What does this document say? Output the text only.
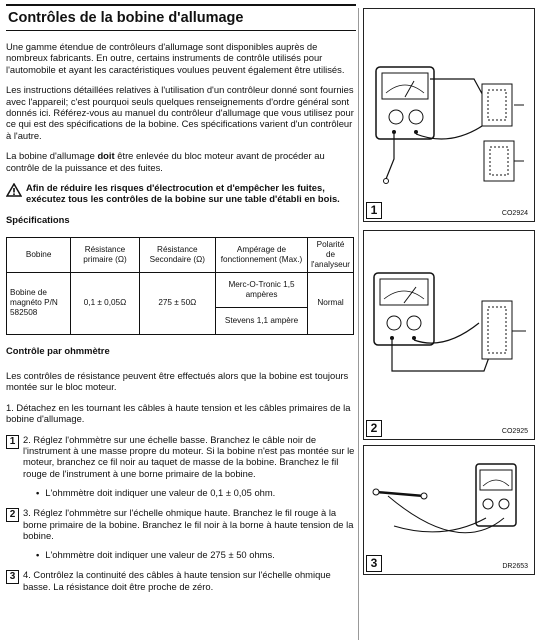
Contrôles de la bobine d'allumage

Une gamme étendue de contrôleurs d'allumage sont disponibles auprès de nombreux fabricants. En outre, certains instruments de contrôle utilisés pour l'automobile et ayant les caractéristiques voulues peuvent également être utilisés.

Les instructions détaillées relatives à l'utilisation d'un contrôleur donné sont fournies avec l'appareil; c'est pourquoi seuls quelques renseignements d'ordre général sont donnés ici. Référez-vous au manuel du contrôleur d'allumage que vous utilisez pour ce qui est des spécifications de la bobine. Ces spécifications varient d'un contrôleur à l'autre.

La bobine d'allumage doit être enlevée du bloc moteur avant de procéder au contrôle de la puissance et des fuites.

Afin de réduire les risques d'électrocution et d'empêcher les fuites, exécutez tous les contrôles de la bobine sur une table d'établi en bois.
Spécifications
Bobine	Résistance primaire (Ω)	Résistance Secondaire (Ω)	Ampérage de fonctionnement (Max.)	Polarité de l'analyseur
Bobine de magnéto P/N 582508	0,1 ± 0,05Ω	275 ± 50Ω	Merc-O-Tronic 1,5 ampères	Normal
			Stevens 1,1 ampère	
Contrôle par ohmmètre

Les contrôles de résistance peuvent être effectués alors que la bobine est toujours montée sur le bloc moteur.

1. Détachez en les tournant les câbles à haute tension et les câbles primaires de la bobine d'allumage.

1 2. Réglez l'ohmmètre sur une échelle basse. Branchez le câble noir de l'instrument à une masse propre du moteur. Si la bobine n'est pas montée sur le moteur, branchez ce fil noir au taquet de masse de la bobine. Branchez le fil rouge de l'instrument à une borne primaire de la bobine.
• L'ohmmètre doit indiquer une valeur de 0,1 ± 0,05 ohm.
2 3. Réglez l'ohmmètre sur l'échelle ohmique haute. Branchez le fil rouge à la borne primaire de la bobine. Branchez le fil noir à la borne à haute tension de la bobine.
• L'ohmmètre doit indiquer une valeur de 275 ± 50 ohms.
3 4. Contrôlez la continuité des câbles à haute tension sur l'échelle ohmique basse. La résistance doit être proche de zéro.
1	CO2924
2	CO2925
3	DR2653
